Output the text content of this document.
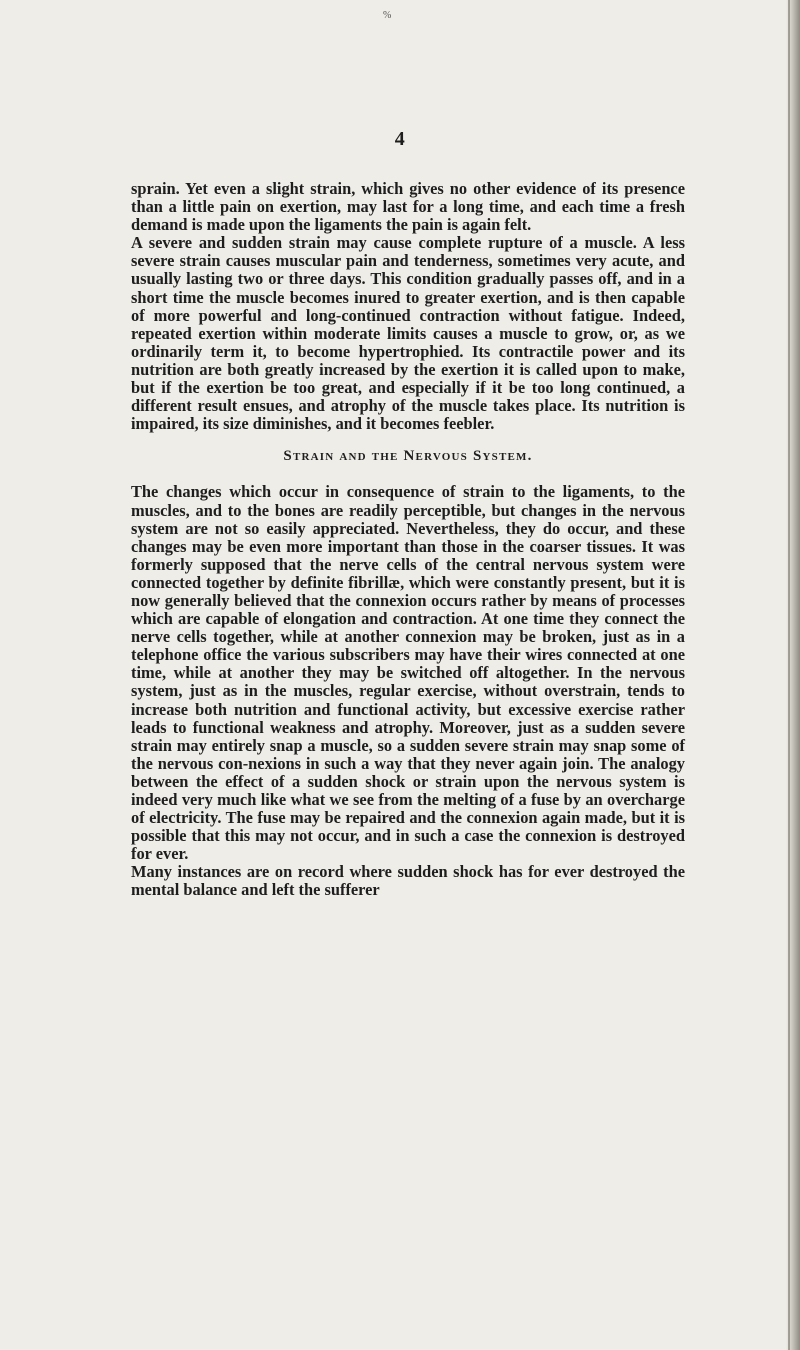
%
4

sprain. Yet even a slight strain, which gives no other evidence of its presence than a little pain on exertion, may last for a long time, and each time a fresh demand is made upon the ligaments the pain is again felt.

A severe and sudden strain may cause complete rupture of a muscle. A less severe strain causes muscular pain and tenderness, sometimes very acute, and usually lasting two or three days. This condition gradually passes off, and in a short time the muscle becomes inured to greater exertion, and is then capable of more powerful and long-continued contraction without fatigue. Indeed, repeated exertion within moderate limits causes a muscle to grow, or, as we ordinarily term it, to become hypertrophied. Its contractile power and its nutrition are both greatly increased by the exertion it is called upon to make, but if the exertion be too great, and especially if it be too long continued, a different result ensues, and atrophy of the muscle takes place. Its nutrition is impaired, its size diminishes, and it becomes feebler.

Strain and the Nervous System.

The changes which occur in consequence of strain to the ligaments, to the muscles, and to the bones are readily perceptible, but changes in the nervous system are not so easily appreciated. Nevertheless, they do occur, and these changes may be even more important than those in the coarser tissues. It was formerly supposed that the nerve cells of the central nervous system were connected together by definite fibrillæ, which were constantly present, but it is now generally believed that the connexion occurs rather by means of processes which are capable of elongation and contraction. At one time they connect the nerve cells together, while at another connexion may be broken, just as in a telephone office the various subscribers may have their wires connected at one time, while at another they may be switched off altogether. In the nervous system, just as in the muscles, regular exercise, without overstrain, tends to increase both nutrition and functional activity, but excessive exercise rather leads to functional weakness and atrophy. Moreover, just as a sudden severe strain may entirely snap a muscle, so a sudden severe strain may snap some of the nervous con-nexions in such a way that they never again join. The analogy between the effect of a sudden shock or strain upon the nervous system is indeed very much like what we see from the melting of a fuse by an overcharge of electricity. The fuse may be repaired and the connexion again made, but it is possible that this may not occur, and in such a case the connexion is destroyed for ever.

Many instances are on record where sudden shock has for ever destroyed the mental balance and left the sufferer
